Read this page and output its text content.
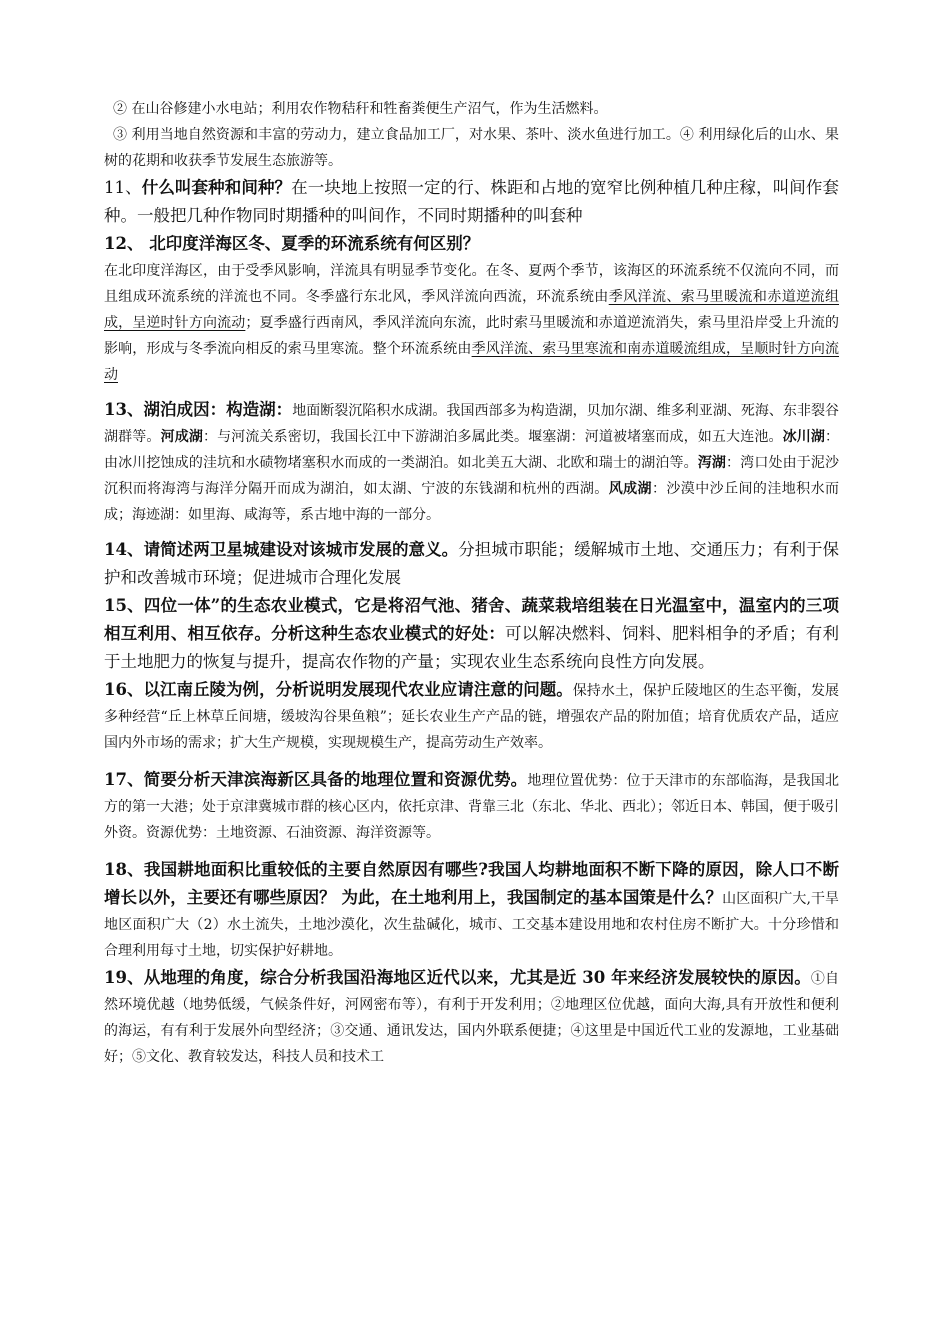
② 在山谷修建小水电站；利用农作物秸秆和牲畜粪便生产沼气，作为生活燃料。

③ 利用当地自然资源和丰富的劳动力，建立食品加工厂，对水果、茶叶、淡水鱼进行加工。④ 利用绿化后的山水、果树的花期和收获季节发展生态旅游等。

11、什么叫套种和间种？在一块地上按照一定的行、株距和占地的宽窄比例种植几种庄稼，叫间作套种。一般把几种作物同时期播种的叫间作，不同时期播种的叫套种

12、 北印度洋海区冬、夏季的环流系统有何区别？

在北印度洋海区，由于受季风影响，洋流具有明显季节变化。在冬、夏两个季节，该海区的环流系统不仅流向不同，而且组成环流系统的洋流也不同。冬季盛行东北风，季风洋流向西流，环流系统由季风洋流、索马里暖流和赤道逆流组成，呈逆时针方向流动；夏季盛行西南风，季风洋流向东流，此时索马里暖流和赤道逆流消失，索马里沿岸受上升流的影响，形成与冬季流向相反的索马里寒流。整个环流系统由季风洋流、索马里寒流和南赤道暖流组成，呈顺时针方向流动

13、湖泊成因：构造湖：地面断裂沉陷积水成湖。我国西部多为构造湖，贝加尔湖、维多利亚湖、死海、东非裂谷湖群等。河成湖：与河流关系密切，我国长江中下游湖泊多属此类。堰塞湖：河道被堵塞而成，如五大连池。冰川湖：由冰川挖蚀成的洼坑和水碛物堵塞积水而成的一类湖泊。如北美五大湖、北欧和瑞士的湖泊等。泻湖：湾口处由于泥沙沉积而将海湾与海洋分隔开而成为湖泊，如太湖、宁波的东钱湖和杭州的西湖。风成湖：沙漠中沙丘间的洼地积水而成；海迹湖：如里海、咸海等，系古地中海的一部分。

14、请简述两卫星城建设对该城市发展的意义。分担城市职能；缓解城市土地、交通压力；有利于保护和改善城市环境；促进城市合理化发展

15、四位一体”的生态农业模式，它是将沼气池、猪舍、蔬菜栽培组装在日光温室中，温室内的三项相互利用、相互依存。分析这种生态农业模式的好处：可以解决燃料、饲料、肥料相争的矛盾；有利于土地肥力的恢复与提升，提高农作物的产量；实现农业生态系统向良性方向发展。

16、以江南丘陵为例，分析说明发展现代农业应请注意的问题。保持水土，保护丘陵地区的生态平衡，发展多种经营“丘上林草丘间塘，缓坡沟谷果鱼粮”；延长农业生产产品的链，增强农产品的附加值；培育优质农产品，适应国内外市场的需求；扩大生产规模，实现规模生产，提高劳动生产效率。

17、简要分析天津滨海新区具备的地理位置和资源优势。地理位置优势：位于天津市的东部临海，是我国北方的第一大港；处于京津冀城市群的核心区内，依托京津、背靠三北（东北、华北、西北）；邻近日本、韩国，便于吸引外资。资源优势：土地资源、石油资源、海洋资源等。

18、我国耕地面积比重较低的主要自然原因有哪些?我国人均耕地面积不断下降的原因，除人口不断增长以外，主要还有哪些原因？ 为此，在土地利用上，我国制定的基本国策是什么？山区面积广大,干旱地区面积广大（2）水土流失，土地沙漠化，次生盐碱化，城市、工交基本建设用地和农村住房不断扩大。十分珍惜和合理利用每寸土地，切实保护好耕地。

19、从地理的角度，综合分析我国沿海地区近代以来，尤其是近 30 年来经济发展较快的原因。①自然环境优越（地势低缓，气候条件好，河网密布等），有利于开发利用；②地理区位优越，面向大海,具有开放性和便利的海运，有有利于发展外向型经济；③交通、通讯发达，国内外联系便捷；④这里是中国近代工业的发源地，工业基础好；⑤文化、教育较发达，科技人员和技术工
